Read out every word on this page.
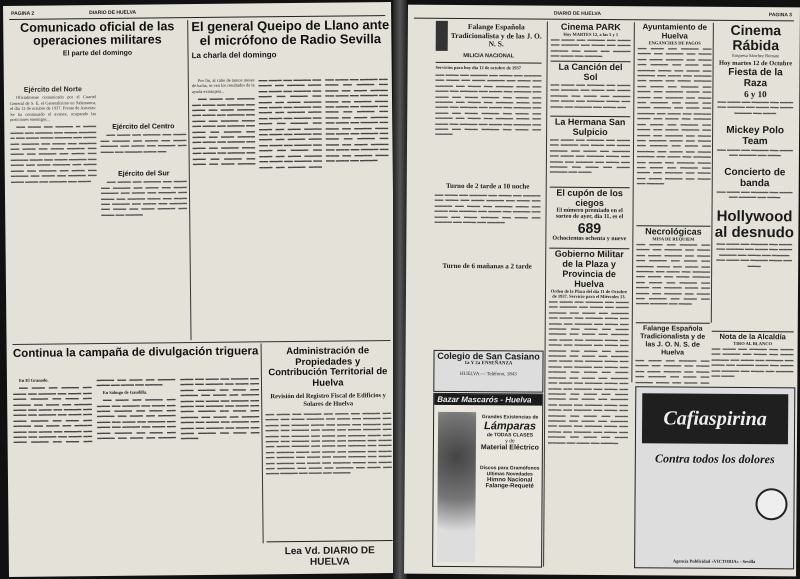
PAGINA 2	DIARIO DE HUELVA
Comunicado oficial de las operaciones militares
El parte del domingo
Ejército del Norte

Oficialmente comunicado por el Cuartel General de S. E. el Generalísimo en Salamanca, el día 12 de octubre de 1937. Frente de Asturias: Se ha continuado el avance, ocupando las posiciones enemigas...

▬▬ ▬▬▬ ▬▬ ▬▬▬▬ ▬ ▬▬▬ ▬▬▬ ▬▬ ▬▬▬▬ ▬▬ ▬▬▬ ▬▬▬▬ ▬ ▬▬ ▬▬▬ ▬▬▬ ▬▬▬▬ ▬▬ ▬▬▬ ▬▬ ▬▬▬▬ ▬▬ ▬▬▬ ▬▬ ▬▬▬▬ ▬▬ ▬▬▬ ▬▬ ▬▬▬ ▬▬▬▬ ▬▬ ▬▬▬ ▬▬ ▬▬▬▬ ▬▬ ▬▬▬ ▬▬ ▬▬▬▬ ▬▬▬ ▬▬ ▬▬▬ ▬▬▬▬ ▬▬ ▬▬▬ ▬▬ ▬▬▬ ▬▬▬▬ ▬▬ ▬▬▬ ▬▬▬ ▬▬ ▬▬▬▬ ▬▬ ▬▬▬ ▬▬ ▬▬▬▬ ▬▬ ▬▬▬ ▬▬ ▬▬▬▬ ▬▬ ▬▬▬ ▬▬▬ ▬▬ ▬▬▬▬ ▬▬ ▬▬▬

Ejército del Centro

▬▬ ▬▬▬ ▬▬ ▬▬▬▬ ▬▬ ▬▬▬ ▬▬ ▬▬▬▬ ▬▬ ▬▬▬ ▬▬ ▬▬▬ ▬▬▬▬ ▬▬ ▬▬▬ ▬▬ ▬▬▬▬ ▬▬ ▬▬▬ ▬▬ ▬▬▬▬ ▬▬▬ ▬▬

Ejército del Sur

▬▬ ▬▬▬ ▬▬ ▬▬▬▬ ▬▬ ▬▬▬ ▬▬ ▬▬▬▬ ▬▬ ▬▬▬ ▬▬ ▬▬▬ ▬▬▬▬ ▬▬ ▬▬▬ ▬▬ ▬▬▬▬ ▬▬ ▬▬▬ ▬▬ ▬▬▬▬ ▬▬▬ ▬▬ ▬▬▬ ▬▬ ▬▬▬▬ ▬▬ ▬▬▬ ▬▬ ▬▬▬▬ ▬▬ ▬▬▬ ▬▬ ▬▬▬ ▬▬▬▬ ▬▬ ▬▬▬ ▬▬ ▬▬▬▬

El general Queipo de Llano ante el micrófono de Radio Sevilla
La charla del domingo

Por fin, al cabo de tantos meses de lucha, se ven los resultados de la ayuda extranjera...

▬▬ ▬▬▬ ▬▬ ▬▬▬▬ ▬▬ ▬▬▬ ▬▬ ▬▬▬▬ ▬▬ ▬▬▬ ▬▬ ▬▬▬ ▬▬▬▬ ▬▬ ▬▬▬ ▬▬ ▬▬▬▬ ▬▬ ▬▬▬ ▬▬ ▬▬▬▬ ▬▬▬ ▬▬ ▬▬▬ ▬▬ ▬▬▬▬ ▬▬ ▬▬▬ ▬▬ ▬▬▬▬ ▬▬ ▬▬▬ ▬▬ ▬▬▬ ▬▬▬▬ ▬▬ ▬▬▬ ▬▬ ▬▬▬▬ ▬▬ ▬▬▬ ▬▬ ▬▬▬▬ ▬▬▬ ▬▬ ▬▬▬ ▬▬ ▬▬▬▬ ▬▬ ▬▬▬ ▬▬ ▬▬▬▬ ▬▬ ▬▬▬ ▬▬ ▬▬▬ ▬▬▬▬ ▬▬ ▬▬▬ ▬▬ ▬▬▬▬ ▬▬ ▬▬▬ ▬▬ ▬▬▬▬ ▬▬▬ ▬▬ ▬▬▬ ▬▬ ▬▬▬▬ ▬▬ ▬▬▬ ▬▬ ▬▬▬▬ ▬▬ ▬▬▬ ▬▬ ▬▬▬ ▬▬▬▬ ▬▬ ▬▬▬ ▬▬ ▬▬▬▬ ▬▬ ▬▬▬ ▬▬ ▬▬▬▬ ▬▬▬ ▬▬ ▬▬▬ ▬▬ ▬▬▬▬ ▬▬ ▬▬▬ ▬▬ ▬▬▬▬ ▬▬ ▬▬▬ ▬▬ ▬▬▬ ▬▬▬▬ ▬▬ ▬▬▬ ▬▬ ▬▬▬▬ ▬▬ ▬▬▬ ▬▬ ▬▬▬▬ ▬▬▬ ▬▬ ▬▬▬ ▬▬ ▬▬▬▬ ▬▬ ▬▬▬ ▬▬ ▬▬▬▬ ▬▬ ▬▬▬ ▬▬ ▬▬▬ ▬▬▬▬ ▬▬ ▬▬▬ ▬▬ ▬▬▬▬ ▬▬ ▬▬▬ ▬▬ ▬▬▬▬ ▬▬▬ ▬▬ ▬▬▬ ▬▬ ▬▬▬▬ ▬▬ ▬▬▬ ▬▬ ▬▬▬▬ ▬▬ ▬▬▬ ▬▬ ▬▬▬ ▬▬▬▬ ▬▬ ▬▬▬ ▬▬ ▬▬▬▬ ▬▬ ▬▬▬ ▬▬ ▬▬▬▬ ▬▬▬ ▬▬ ▬▬▬ ▬▬ ▬▬▬▬ ▬▬ ▬▬▬ ▬▬ ▬▬▬▬ ▬▬ ▬▬▬ ▬▬ ▬▬▬ ▬▬▬▬ ▬▬ ▬▬▬ ▬▬ ▬▬▬▬ ▬▬ ▬▬▬ ▬▬ ▬▬▬▬ ▬▬▬ ▬▬ ▬▬▬ ▬▬ ▬▬▬▬ ▬▬ ▬▬▬ ▬▬ ▬▬▬▬ ▬▬ ▬▬▬ ▬▬ ▬▬▬ ▬▬▬▬ ▬▬ ▬▬▬ ▬▬ ▬▬▬▬ ▬▬ ▬▬▬ ▬▬ ▬▬▬▬ ▬▬▬ ▬▬ ▬▬▬ ▬▬ ▬▬▬▬

Continua la campaña de divulgación triguera

En El Granado.

▬▬ ▬▬▬ ▬▬ ▬▬▬▬ ▬▬ ▬▬▬ ▬▬ ▬▬▬▬ ▬▬ ▬▬▬ ▬▬ ▬▬▬ ▬▬▬▬ ▬▬ ▬▬▬ ▬▬ ▬▬▬▬ ▬▬ ▬▬▬ ▬▬ ▬▬▬▬ ▬▬▬ ▬▬ ▬▬▬ ▬▬ ▬▬▬▬ ▬▬ ▬▬▬ ▬▬ ▬▬▬▬ ▬▬ ▬▬▬ ▬▬ ▬▬▬ ▬▬▬▬ ▬▬ ▬▬▬ ▬▬ ▬▬▬▬ ▬▬ ▬▬▬ ▬▬ ▬▬▬▬ ▬▬▬ ▬▬ ▬▬▬ ▬▬ ▬▬▬▬ ▬▬ ▬▬▬ ▬▬ ▬▬▬▬ ▬▬ ▬▬▬ ▬▬ ▬▬▬ ▬▬▬▬ ▬▬ ▬▬▬ ▬▬ ▬▬▬▬ ▬▬ ▬▬▬ ▬▬ ▬▬▬▬ ▬▬▬ ▬▬ ▬▬▬ ▬▬ ▬▬▬▬

En Sabugo de Gaudilla.

▬▬ ▬▬▬ ▬▬ ▬▬▬▬ ▬▬ ▬▬▬ ▬▬ ▬▬▬▬ ▬▬ ▬▬▬ ▬▬ ▬▬▬ ▬▬▬▬ ▬▬ ▬▬▬ ▬▬ ▬▬▬▬ ▬▬ ▬▬▬ ▬▬ ▬▬▬▬ ▬▬▬ ▬▬ ▬▬▬ ▬▬ ▬▬▬▬ ▬▬ ▬▬▬ ▬▬ ▬▬▬▬ ▬▬ ▬▬▬ ▬▬ ▬▬▬ ▬▬▬▬ ▬▬ ▬▬▬ ▬▬ ▬▬▬▬ ▬▬ ▬▬▬ ▬▬ ▬▬▬▬ ▬▬▬ ▬▬ ▬▬▬ ▬▬ ▬▬▬▬ ▬▬ ▬▬▬ ▬▬ ▬▬▬▬ ▬▬ ▬▬▬ ▬▬ ▬▬▬ ▬▬▬▬ ▬▬ ▬▬▬ ▬▬ ▬▬▬▬ ▬▬ ▬▬▬ ▬▬ ▬▬▬▬ ▬▬▬ ▬▬ ▬▬▬ ▬▬ ▬▬▬▬ ▬▬ ▬▬▬ ▬▬ ▬▬▬▬ ▬▬ ▬▬▬ ▬▬ ▬▬▬ ▬▬▬▬ ▬▬ ▬▬▬ ▬▬ ▬▬▬▬ ▬▬ ▬▬▬ ▬▬ ▬▬▬▬ ▬▬▬ ▬▬ ▬▬▬ ▬▬ ▬▬▬▬ ▬▬ ▬▬▬ ▬▬ ▬▬▬▬ ▬▬ ▬▬▬ ▬▬ ▬▬▬ ▬▬▬▬ ▬▬ ▬▬▬ ▬▬ ▬▬▬▬

Administración de Propiedades y Contribución Territorial de Huelva
Revisión del Registro Fiscal de Edificios y Solares de Huelva
▬▬ ▬▬▬ ▬▬ ▬▬▬▬ ▬▬ ▬▬▬ ▬▬ ▬▬▬▬ ▬▬ ▬▬▬ ▬▬ ▬▬▬ ▬▬▬▬ ▬▬ ▬▬▬ ▬▬ ▬▬▬▬ ▬▬ ▬▬▬ ▬▬ ▬▬▬▬ ▬▬▬ ▬▬ ▬▬▬ ▬▬ ▬▬▬▬ ▬▬ ▬▬▬ ▬▬ ▬▬▬▬ ▬▬ ▬▬▬ ▬▬ ▬▬▬ ▬▬▬▬ ▬▬ ▬▬▬ ▬▬ ▬▬▬▬ ▬▬ ▬▬▬ ▬▬ ▬▬▬▬ ▬▬▬ ▬▬ ▬▬▬ ▬▬ ▬▬▬▬ ▬▬ ▬▬▬ ▬▬ ▬▬▬▬ ▬▬ ▬▬▬ ▬▬ ▬▬▬ ▬▬▬▬ ▬▬ ▬▬▬ ▬▬ ▬▬▬▬ ▬▬ ▬▬▬ ▬▬ ▬▬▬▬ ▬▬▬ ▬▬ ▬▬▬ ▬▬ ▬▬▬▬ ▬▬ ▬▬▬ ▬▬ ▬▬▬▬ ▬▬ ▬▬▬ ▬▬ ▬▬▬ ▬▬▬▬ ▬▬ ▬▬▬ ▬▬ ▬▬▬▬ ▬▬ ▬▬▬ ▬▬ ▬▬▬▬ ▬▬▬ ▬▬ ▬▬▬ ▬▬ ▬▬▬▬ ▬▬ ▬▬▬ ▬▬ ▬▬▬▬ ▬▬ ▬▬▬ ▬▬ ▬▬▬ ▬▬▬▬ ▬▬ ▬▬▬ ▬▬ ▬▬▬▬
Lea Vd. DIARIO DE HUELVA
DIARIO DE HUELVA	PAGINA 3
Falange Española Tradicionalista y de las J. O. N. S.
MILICIA NACIONAL
Servicios para hoy día 12 de octubre de 1937
▬▬ ▬▬▬ ▬▬ ▬▬▬▬ ▬▬ ▬▬▬ ▬▬ ▬▬▬▬ ▬▬ ▬▬▬ ▬▬ ▬▬▬ ▬▬▬▬ ▬▬ ▬▬▬ ▬▬ ▬▬▬▬ ▬▬ ▬▬▬ ▬▬ ▬▬▬▬ ▬▬▬ ▬▬ ▬▬▬ ▬▬ ▬▬▬▬ ▬▬ ▬▬▬ ▬▬ ▬▬▬▬ ▬▬ ▬▬▬ ▬▬ ▬▬▬ ▬▬▬▬ ▬▬ ▬▬▬ ▬▬ ▬▬▬▬ ▬▬ ▬▬▬ ▬▬ ▬▬▬▬ ▬▬▬ ▬▬ ▬▬▬ ▬▬ ▬▬▬▬ ▬▬ ▬▬▬ ▬▬ ▬▬▬▬ ▬▬ ▬▬▬ ▬▬ ▬▬▬ ▬▬▬▬ ▬▬ ▬▬▬ ▬▬ ▬▬▬▬ ▬▬ ▬▬▬ ▬▬ ▬▬▬▬ ▬▬▬ ▬▬ ▬▬▬ ▬▬ ▬▬▬▬ ▬▬ ▬▬▬ ▬▬ ▬▬▬▬ ▬▬ ▬▬▬ ▬▬ ▬▬▬ ▬▬▬▬ ▬▬ ▬▬▬ ▬▬ ▬▬▬▬
Turno de 2 tarde a 10 noche
▬▬ ▬▬▬ ▬▬ ▬▬▬▬ ▬▬ ▬▬▬ ▬▬ ▬▬▬▬ ▬▬ ▬▬▬ ▬▬ ▬▬▬ ▬▬▬▬ ▬▬ ▬▬▬ ▬▬ ▬▬▬▬ ▬▬ ▬▬▬ ▬▬ ▬▬▬▬ ▬▬▬ ▬▬ ▬▬▬ ▬▬ ▬▬▬▬ ▬▬ ▬▬▬ ▬▬ ▬▬▬▬ ▬▬ ▬▬▬ ▬▬ ▬▬▬ ▬▬▬▬ ▬▬ ▬▬▬ ▬▬ ▬▬▬▬ ▬▬ ▬▬▬ ▬▬ ▬▬▬▬
Turno de 6 mañanas a 2 tarde
Colegio de San Casiano
1a Y 2a ENSEÑANZA
HUELVA — Teléfono, 1843
Bazar Mascarós - Huelva
Grandes Existencias de
Lámparas
de TODAS CLASES
y de
Material Eléctrico
Discos para Gramófonos
Ultimas Novedades
Himno Nacional
Falange-Requeté
Cinema PARK
Hoy MARTES 12, a las 5 y 1
▬▬ ▬▬▬ ▬▬ ▬▬▬▬ ▬▬ ▬▬▬ ▬▬ ▬▬▬▬ ▬▬ ▬▬▬ ▬▬ ▬▬▬ ▬▬▬▬ ▬▬ ▬▬▬ ▬▬ ▬▬▬▬ ▬▬ ▬▬▬ ▬▬ ▬▬▬▬
La Canción del Sol
▬▬ ▬▬▬ ▬▬ ▬▬▬▬ ▬▬ ▬▬▬ ▬▬ ▬▬▬▬ ▬▬ ▬▬▬ ▬▬ ▬▬▬ ▬▬▬▬ ▬▬ ▬▬▬ ▬▬ ▬▬▬▬ ▬▬ ▬▬▬ ▬▬ ▬▬▬▬ ▬▬▬ ▬▬ ▬▬▬ ▬▬ ▬▬▬▬ ▬▬ ▬▬▬ ▬▬
La Hermana San Sulpicio
▬▬ ▬▬▬ ▬▬ ▬▬▬▬ ▬▬ ▬▬▬ ▬▬ ▬▬▬▬ ▬▬ ▬▬▬ ▬▬ ▬▬▬ ▬▬▬▬ ▬▬ ▬▬▬ ▬▬ ▬▬▬▬ ▬▬ ▬▬▬ ▬▬ ▬▬▬▬ ▬▬▬ ▬▬ ▬▬▬ ▬▬ ▬▬▬▬ ▬▬ ▬▬▬ ▬▬ ▬▬▬▬ ▬▬ ▬▬▬ ▬▬ ▬▬▬ ▬▬▬▬ ▬▬ ▬▬▬
El cupón de los ciegos
El número premiado en el sorteo de ayer, día 11, es el
689
Ochocientos ochenta y nueve
Gobierno Militar de la Plaza y Provincia de Huelva
Orden de la Plaza del día 11 de Octubre de 1937. Servicio para el Miércoles 13.
▬▬ ▬▬▬ ▬▬ ▬▬▬▬ ▬▬ ▬▬▬ ▬▬ ▬▬▬▬ ▬▬ ▬▬▬ ▬▬ ▬▬▬ ▬▬▬▬ ▬▬ ▬▬▬ ▬▬ ▬▬▬▬ ▬▬ ▬▬▬ ▬▬ ▬▬▬▬ ▬▬▬ ▬▬ ▬▬▬ ▬▬ ▬▬▬▬ ▬▬ ▬▬▬ ▬▬ ▬▬▬▬ ▬▬ ▬▬▬ ▬▬ ▬▬▬ ▬▬▬▬ ▬▬ ▬▬▬ ▬▬ ▬▬▬▬ ▬▬ ▬▬▬ ▬▬ ▬▬▬▬ ▬▬▬ ▬▬ ▬▬▬ ▬▬ ▬▬▬▬ ▬▬ ▬▬▬ ▬▬ ▬▬▬▬ ▬▬ ▬▬▬ ▬▬ ▬▬▬ ▬▬▬▬ ▬▬ ▬▬▬ ▬▬ ▬▬▬▬ ▬▬ ▬▬▬ ▬▬ ▬▬▬▬ ▬▬▬ ▬▬ ▬▬▬ ▬▬ ▬▬▬▬ ▬▬ ▬▬▬ ▬▬ ▬▬▬▬ ▬▬ ▬▬▬ ▬▬ ▬▬▬ ▬▬▬▬ ▬▬ ▬▬▬ ▬▬ ▬▬▬▬ ▬▬ ▬▬▬ ▬▬ ▬▬▬▬ ▬▬▬ ▬▬ ▬▬▬ ▬▬ ▬▬▬▬ ▬▬ ▬▬▬ ▬▬ ▬▬▬▬ ▬▬ ▬▬▬ ▬▬ ▬▬▬ ▬▬▬▬ ▬▬ ▬▬▬ ▬▬ ▬▬▬▬ ▬▬ ▬▬▬ ▬▬ ▬▬▬▬ ▬▬▬ ▬▬ ▬▬▬ ▬▬ ▬▬▬▬ ▬▬ ▬▬▬ ▬▬ ▬▬▬▬ ▬▬ ▬▬▬ ▬▬ ▬▬▬ ▬▬▬▬ ▬▬ ▬▬▬ ▬▬ ▬▬▬▬ ▬▬ ▬▬▬ ▬▬ ▬▬▬▬ ▬▬▬ ▬▬ ▬▬▬ ▬▬ ▬▬▬▬ ▬▬ ▬▬▬ ▬▬ ▬▬▬▬ ▬▬ ▬▬▬ ▬▬ ▬▬▬ ▬▬▬▬ ▬▬ ▬▬▬ ▬▬ ▬▬▬▬
Ayuntamiento de Huelva
ENGANCHES DE PAGOS
▬▬ ▬▬▬ ▬▬ ▬▬▬▬ ▬▬ ▬▬▬ ▬▬ ▬▬▬▬ ▬▬ ▬▬▬ ▬▬ ▬▬▬ ▬▬▬▬ ▬▬ ▬▬▬ ▬▬ ▬▬▬▬ ▬▬ ▬▬▬ ▬▬ ▬▬▬▬ ▬▬▬ ▬▬ ▬▬▬ ▬▬ ▬▬▬▬ ▬▬ ▬▬▬ ▬▬ ▬▬▬▬ ▬▬ ▬▬▬ ▬▬ ▬▬▬ ▬▬▬▬ ▬▬ ▬▬▬ ▬▬ ▬▬▬▬ ▬▬ ▬▬▬ ▬▬ ▬▬▬▬ ▬▬▬ ▬▬ ▬▬▬ ▬▬ ▬▬▬▬ ▬▬ ▬▬▬ ▬▬ ▬▬▬▬ ▬▬ ▬▬▬ ▬▬ ▬▬▬ ▬▬▬▬ ▬▬ ▬▬▬ ▬▬ ▬▬▬▬ ▬▬ ▬▬▬ ▬▬ ▬▬▬▬ ▬▬▬ ▬▬ ▬▬▬ ▬▬ ▬▬▬▬ ▬▬ ▬▬▬ ▬▬ ▬▬▬▬ ▬▬ ▬▬▬ ▬▬ ▬▬▬ ▬▬▬▬ ▬▬ ▬▬▬ ▬▬ ▬▬▬▬ ▬▬ ▬▬▬ ▬▬ ▬▬▬▬ ▬▬▬ ▬▬ ▬▬▬ ▬▬ ▬▬▬▬ ▬▬ ▬▬▬ ▬▬ ▬▬▬▬ ▬▬ ▬▬▬ ▬▬ ▬▬▬ ▬▬▬▬ ▬▬ ▬▬▬ ▬▬ ▬▬▬▬ ▬▬ ▬▬▬ ▬▬ ▬▬▬▬ ▬▬▬ ▬▬ ▬▬▬ ▬▬ ▬▬▬▬ ▬▬ ▬▬▬ ▬▬ ▬▬▬▬ ▬▬ ▬▬▬ ▬▬ ▬▬▬ ▬▬▬▬ ▬▬ ▬▬▬ ▬▬ ▬▬▬▬
Necrológicas
MISA DE REQUIEM
▬▬ ▬▬▬ ▬▬ ▬▬▬▬ ▬▬ ▬▬▬ ▬▬ ▬▬▬▬ ▬▬ ▬▬▬ ▬▬ ▬▬▬ ▬▬▬▬ ▬▬ ▬▬▬ ▬▬ ▬▬▬▬ ▬▬ ▬▬▬ ▬▬ ▬▬▬▬ ▬▬▬ ▬▬ ▬▬▬ ▬▬ ▬▬▬▬ ▬▬ ▬▬▬ ▬▬ ▬▬▬▬ ▬▬ ▬▬▬ ▬▬ ▬▬▬ ▬▬▬▬ ▬▬ ▬▬▬ ▬▬ ▬▬▬▬ ▬▬ ▬▬▬ ▬▬ ▬▬▬▬ ▬▬▬ ▬▬ ▬▬▬ ▬▬ ▬▬▬▬ ▬▬ ▬▬▬ ▬▬ ▬▬▬▬ ▬▬ ▬▬▬ ▬▬ ▬▬▬ ▬▬▬▬ ▬▬ ▬▬▬
Falange Española Tradicionalista y de las J. O. N. S. de Huelva
▬▬ ▬▬▬ ▬▬ ▬▬▬▬ ▬▬ ▬▬▬ ▬▬ ▬▬▬▬ ▬▬ ▬▬▬ ▬▬ ▬▬▬ ▬▬▬▬ ▬▬ ▬▬▬ ▬▬ ▬▬▬▬ ▬▬ ▬▬▬ ▬▬ ▬▬▬▬ ▬▬▬ ▬▬ ▬▬▬ ▬▬
Nota de la Alcaldía
TIRO AL BLANCO
▬▬ ▬▬▬ ▬▬ ▬▬▬▬ ▬▬ ▬▬▬ ▬▬ ▬▬▬▬ ▬▬ ▬▬▬ ▬▬ ▬▬▬ ▬▬▬▬ ▬▬ ▬▬▬ ▬▬ ▬▬▬▬ ▬▬ ▬▬▬ ▬▬ ▬▬▬▬ ▬▬▬ ▬▬ ▬▬▬ ▬▬ ▬▬▬▬ ▬▬ ▬▬▬ ▬▬ ▬▬▬▬ ▬▬ ▬▬▬
Cinema Rábida
Empresa Sánchez Romate
Hoy martes 12 de Octubre
Fiesta de la Raza
6 y 10
▬▬ ▬▬▬ ▬▬ ▬▬▬▬ ▬▬ ▬▬▬ ▬▬ ▬▬▬▬ ▬▬ ▬▬▬ ▬▬ ▬▬▬ ▬▬▬▬ ▬▬ ▬▬▬
Mickey Polo Team
▬▬ ▬▬▬ ▬▬ ▬▬▬▬ ▬▬ ▬▬▬ ▬▬ ▬▬▬▬ ▬▬ ▬▬▬
Concierto de banda
▬▬ ▬▬▬ ▬▬ ▬▬▬▬ ▬▬ ▬▬▬ ▬▬ ▬▬▬▬ ▬▬ ▬▬▬
Hollywood al desnudo
▬▬ ▬▬▬ ▬▬ ▬▬▬▬ ▬▬ ▬▬▬ ▬▬ ▬▬▬▬ ▬▬ ▬▬▬ ▬▬ ▬▬▬ ▬▬▬▬ ▬▬ ▬▬▬ ▬▬ ▬▬▬▬ ▬▬ ▬▬▬ ▬▬ ▬▬▬▬ ▬▬▬ ▬▬ ▬▬▬
Cafiaspirina
Contra todos los dolores
Agencia Publicidad «VICTORIA» - Sevilla
